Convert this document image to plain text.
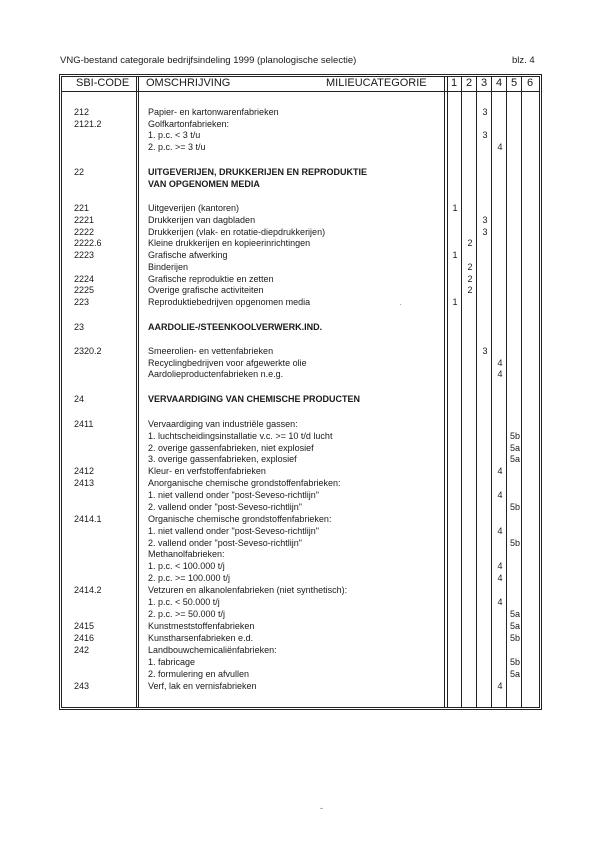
VNG-bestand categorale bedrijfsindeling 1999 (planologische selectie)	blz. 4
SBI-CODE OMSCHRIJVING	MILIEUCATEGORIE 1 2 3 4 5 6
212	Papier- en kartonwarenfabrieken	3
2121.2	Golfkartonfabrieken:
1. p.c. < 3 t/u	3
2. p.c. >= 3 t/u	4
22	UITGEVERIJEN, DRUKKERIJEN EN REPRODUKTIE
VAN OPGENOMEN MEDIA
221	Uitgeverijen (kantoren)	1
2221	Drukkerijen van dagbladen	3
2222	Drukkerijen (vlak- en rotatie-diepdrukkerijen)	3
2222.6	Kleine drukkerijen en kopieerinrichtingen	2
2223	Grafische afwerking	1
Binderijen	2
2224	Grafische reproduktie en zetten	2
2225	Overige grafische activiteiten	2
223	Reproduktiebedrijven opgenomen media	1
23	AARDOLIE-/STEENKOOLVERWERK.IND.
2320.2	Smeerolien- en vettenfabrieken	3
Recyclingbedrijven voor afgewerkte olie	4
Aardolieproductenfabrieken n.e.g.	4
24	VERVAARDIGING VAN CHEMISCHE PRODUCTEN
2411	Vervaardiging van industriële gassen:
1. luchtscheidingsinstallatie v.c. >= 10 t/d lucht	5b
2. overige gassenfabrieken, niet explosief	5a
3. overige gassenfabrieken, explosief	5a
2412	Kleur- en verfstoffenfabrieken	4
2413	Anorganische chemische grondstoffenfabrieken:
1. niet vallend onder "post-Seveso-richtlijn"	4
2. vallend onder "post-Seveso-richtlijn"	5b
2414.1	Organische chemische grondstoffenfabrieken:
1. niet vallend onder "post-Seveso-richtlijn"	4
2. vallend onder "post-Seveso-richtlijn"	5b
Methanolfabrieken:
1. p.c. < 100.000 t/j	4
2. p.c. >= 100.000 t/j	4
2414.2	Vetzuren en alkanolenfabrieken (niet synthetisch):
1. p.c. < 50.000 t/j	4
2. p.c. >= 50.000 t/j	5a
2415	Kunstmeststoffenfabrieken	5a
2416	Kunstharsenfabrieken e.d.	5b
242	Landbouwchemicaliënfabrieken:
1. fabricage	5b
2. formulering en afvullen	5a
243	Verf, lak en vernisfabrieken	4
·
-
